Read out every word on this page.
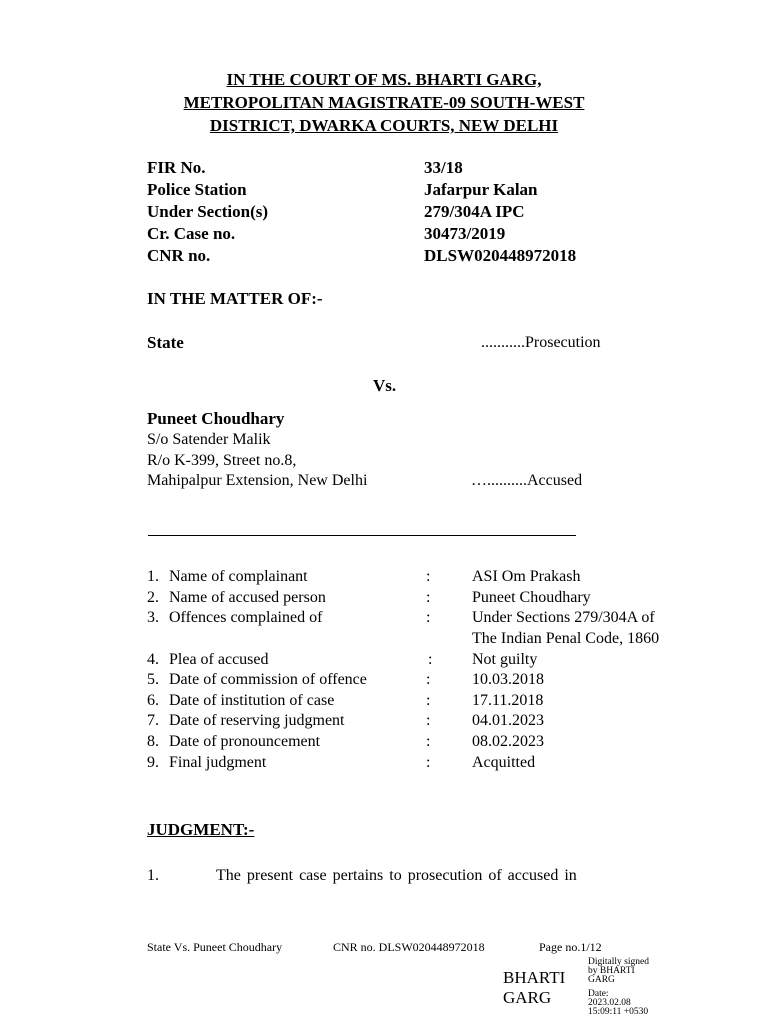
IN THE COURT OF MS. BHARTI GARG,
METROPOLITAN MAGISTRATE-09 SOUTH-WEST
DISTRICT, DWARKA COURTS, NEW DELHI
FIR No.	33/18
Police Station	Jafarpur Kalan
Under Section(s)	279/304A IPC
Cr. Case no.	30473/2019
CNR no.	DLSW020448972018
IN THE MATTER OF:-
State	...........Prosecution
Vs.
Puneet Choudhary
S/o Satender Malik
R/o K-399, Street no.8,
Mahipalpur Extension, New Delhi	…..........Accused
1. Name of complainant	:	ASI Om Prakash
2. Name of accused person	:	Puneet Choudhary
3. Offences complained of	:	Under Sections 279/304A of
The Indian Penal Code, 1860
4. Plea of accused	: Not guilty
5. Date of commission of offence	:	10.03.2018
6. Date of institution of case	:	17.11.2018
7. Date of reserving judgment	:	04.01.2023
8. Date of pronouncement	:	08.02.2023
9. Final judgment	:	Acquitted
JUDGMENT:-
1.	The present case pertains to prosecution of accused in
State Vs. Puneet Choudhary	CNR no. DLSW020448972018	Page no.1/12
BHARTI
GARG
Digitally signed
by BHARTI
GARG
Date:
2023.02.08
15:09:11 +0530
